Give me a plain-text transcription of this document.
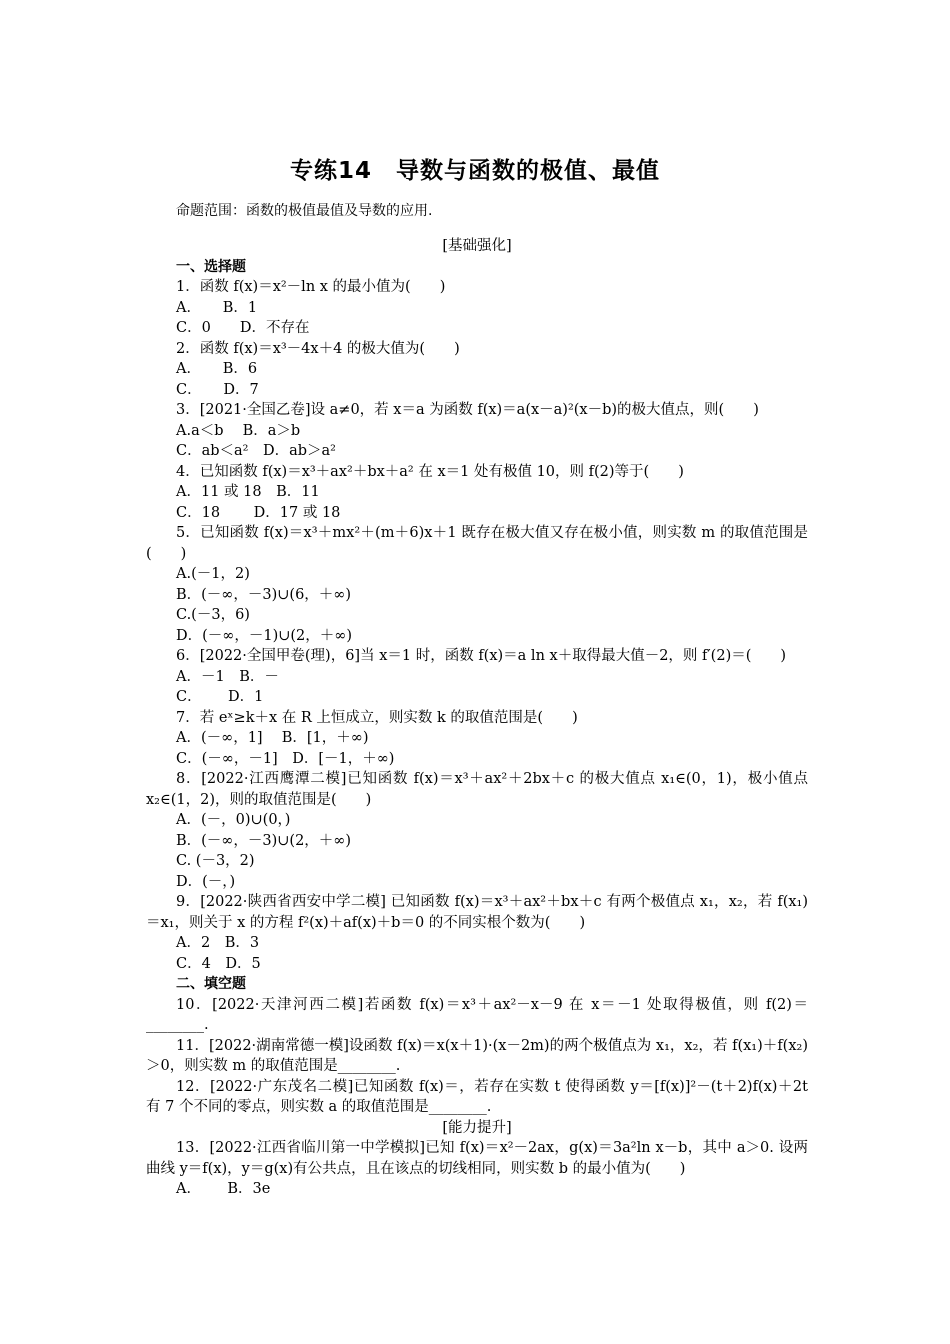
专练14　导数与函数的极值、最值
命题范围：函数的极值最值及导数的应用.
[基础强化]
一、选择题
1．函数 f(x)＝x²－ln x 的最小值为(　　)
A．　　B．1
C．0　　D．不存在
2．函数 f(x)＝x³－4x＋4 的极大值为(　　)
A．　　B．6
C．　　D．7
3．[2021·全国乙卷]设 a≠0，若 x＝a 为函数 f(x)＝a(x－a)²(x－b)的极大值点，则(　　)
A.a＜b　 B．a＞b
C．ab＜a²　D．ab＞a²
4．已知函数 f(x)＝x³＋ax²＋bx＋a² 在 x＝1 处有极值 10，则 f(2)等于(　　)
A．11 或 18　B．11
C．18　　 D．17 或 18
5．已知函数 f(x)＝x³＋mx²＋(m＋6)x＋1 既存在极大值又存在极小值，则实数 m 的取值范围是(　　)
A.(－1，2)
B．(－∞，－3)∪(6，＋∞)
C.(－3，6)
D．(－∞，－1)∪(2，＋∞)
6．[2022·全国甲卷(理)，6]当 x＝1 时，函数 f(x)＝a ln x＋取得最大值－2，则 f′(2)＝(　　)
A．－1　B．－
C．　　 D．1
7．若 eˣ≥k＋x 在 R 上恒成立，则实数 k 的取值范围是(　　)
A．(－∞，1]　 B．[1，＋∞)
C．(－∞，－1]　D．[－1，＋∞)
8．[2022·江西鹰潭二模]已知函数 f(x)＝x³＋ax²＋2bx＋c 的极大值点 x₁∈(0，1)，极小值点 x₂∈(1，2)，则的取值范围是(　　)
A．(－，0)∪(0，)
B．(－∞，－3)∪(2，＋∞)
C. (－3，2)
D．(－，)
9．[2022·陕西省西安中学二模] 已知函数 f(x)＝x³＋ax²＋bx＋c 有两个极值点 x₁，x₂，若 f(x₁)＝x₁，则关于 x 的方程 f²(x)＋af(x)＋b＝0 的不同实根个数为(　　)
A．2　B．3
C．4　D．5
二、填空题
10．[2022·天津河西二模]若函数 f(x)＝x³＋ax²－x－9 在 x＝－1 处取得极值，则 f(2)＝________.
11．[2022·湖南常德一模]设函数 f(x)＝x(x＋1)·(x－2m)的两个极值点为 x₁，x₂，若 f(x₁)＋f(x₂)＞0，则实数 m 的取值范围是________.
12．[2022·广东茂名二模]已知函数 f(x)＝，若存在实数 t 使得函数 y＝[f(x)]²－(t＋2)f(x)＋2t 有 7 个不同的零点，则实数 a 的取值范围是________.
[能力提升]
13．[2022·江西省临川第一中学模拟]已知 f(x)＝x²－2ax，g(x)＝3a²ln x－b，其中 a＞0. 设两曲线 y＝f(x)，y＝g(x)有公共点，且在该点的切线相同，则实数 b 的最小值为(　　)
A．　　 B．3e
